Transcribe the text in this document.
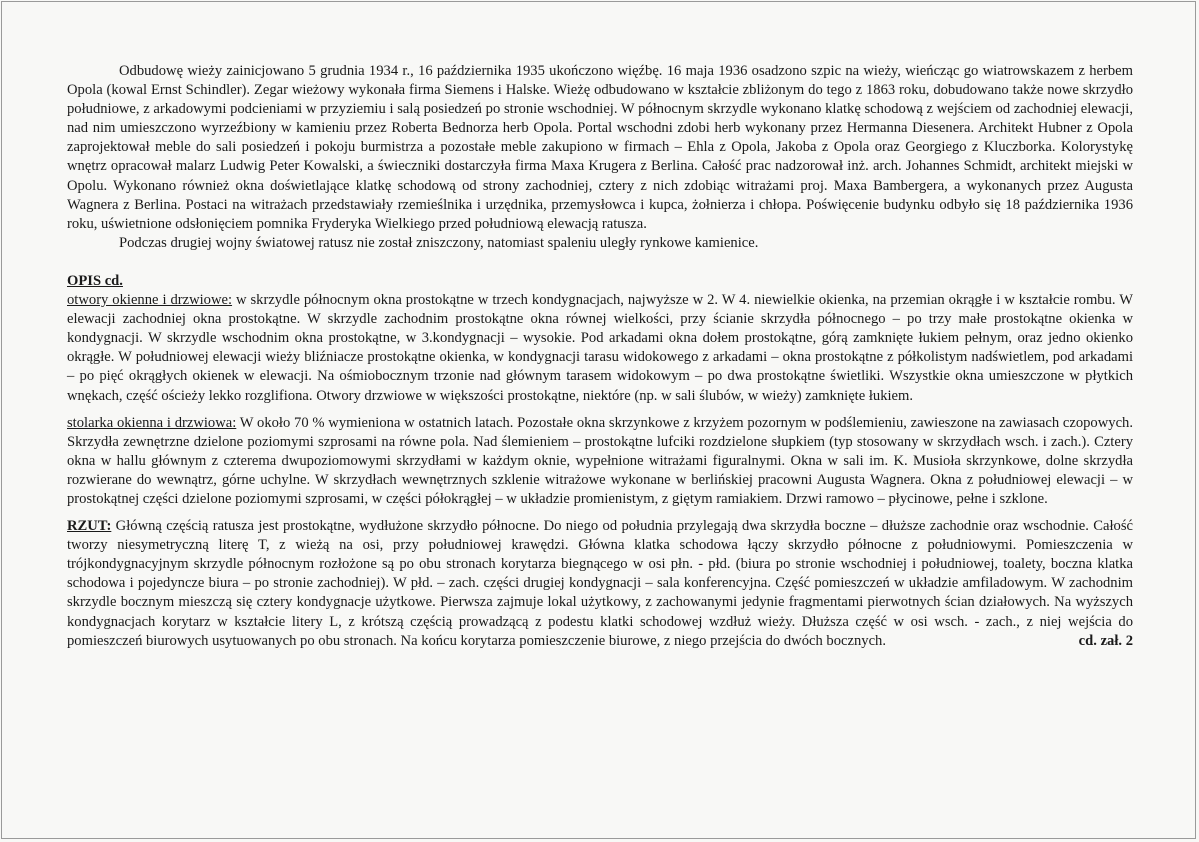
Odbudowę wieży zainicjowano 5 grudnia 1934 r., 16 października 1935 ukończono więźbę. 16 maja 1936 osadzono szpic na wieży, wieńcząc go wiatrowskazem z herbem Opola (kowal Ernst Schindler). Zegar wieżowy wykonała firma Siemens i Halske. Wieżę odbudowano w kształcie zbliżonym do tego z 1863 roku, dobudowano także nowe skrzydło południowe, z arkadowymi podcieniami w przyziemiu i salą posiedzeń po stronie wschodniej. W północnym skrzydle wykonano klatkę schodową z wejściem od zachodniej elewacji, nad nim umieszczono wyrzeźbiony w kamieniu przez Roberta Bednorza herb Opola. Portal wschodni zdobi herb wykonany przez Hermanna Diesenera. Architekt Hubner z Opola zaprojektował meble do sali posiedzeń i pokoju burmistrza a pozostałe meble zakupiono w firmach – Ehla z Opola, Jakoba z Opola oraz Georgiego z Kluczborka. Kolorystykę wnętrz opracował malarz Ludwig Peter Kowalski, a świeczniki dostarczyła firma Maxa Krugera z Berlina. Całość prac nadzorował inż. arch. Johannes Schmidt, architekt miejski w Opolu. Wykonano również okna doświetlające klatkę schodową od strony zachodniej, cztery z nich zdobiąc witrażami proj. Maxa Bambergera, a wykonanych przez Augusta Wagnera z Berlina. Postaci na witrażach przedstawiały rzemieślnika i urzędnika, przemysłowca i kupca, żołnierza i chłopa. Poświęcenie budynku odbyło się 18 października 1936 roku, uświetnione odsłonięciem pomnika Fryderyka Wielkiego przed południową elewacją ratusza.

Podczas drugiej wojny światowej ratusz nie został zniszczony, natomiast spaleniu uległy rynkowe kamienice.

OPIS cd.

otwory okienne i drzwiowe: w skrzydle północnym okna prostokątne w trzech kondygnacjach, najwyższe w 2. W 4. niewielkie okienka, na przemian okrągłe i w kształcie rombu. W elewacji zachodniej okna prostokątne. W skrzydle zachodnim prostokątne okna równej wielkości, przy ścianie skrzydła północnego – po trzy małe prostokątne okienka w kondygnacji. W skrzydle wschodnim okna prostokątne, w 3.kondygnacji – wysokie. Pod arkadami okna dołem prostokątne, górą zamknięte łukiem pełnym, oraz jedno okienko okrągłe. W południowej elewacji wieży bliźniacze prostokątne okienka, w kondygnacji tarasu widokowego z arkadami – okna prostokątne z półkolistym nadświetlem, pod arkadami – po pięć okrągłych okienek w elewacji. Na ośmiobocznym trzonie nad głównym tarasem widokowym – po dwa prostokątne świetliki. Wszystkie okna umieszczone w płytkich wnękach, część ościeży lekko rozglifiona. Otwory drzwiowe w większości prostokątne, niektóre (np. w sali ślubów, w wieży) zamknięte łukiem.

stolarka okienna i drzwiowa: W około 70 % wymieniona w ostatnich latach. Pozostałe okna skrzynkowe z krzyżem pozornym w podślemieniu, zawieszone na zawiasach czopowych. Skrzydła zewnętrzne dzielone poziomymi szprosami na równe pola. Nad ślemieniem – prostokątne lufciki rozdzielone słupkiem (typ stosowany w skrzydłach wsch. i zach.). Cztery okna w hallu głównym z czterema dwupoziomowymi skrzydłami w każdym oknie, wypełnione witrażami figuralnymi. Okna w sali im. K. Musioła skrzynkowe, dolne skrzydła rozwierane do wewnątrz, górne uchylne. W skrzydłach wewnętrznych szklenie witrażowe wykonane w berlińskiej pracowni Augusta Wagnera. Okna z południowej elewacji – w prostokątnej części dzielone poziomymi szprosami, w części półokrągłej – w układzie promienistym, z giętym ramiakiem. Drzwi ramowo – płycinowe, pełne i szklone.

RZUT: Główną częścią ratusza jest prostokątne, wydłużone skrzydło północne. Do niego od południa przylegają dwa skrzydła boczne – dłuższe zachodnie oraz wschodnie. Całość tworzy niesymetryczną literę T, z wieżą na osi, przy południowej krawędzi. Główna klatka schodowa łączy skrzydło północne z południowymi. Pomieszczenia w trójkondygnacyjnym skrzydle północnym rozłożone są po obu stronach korytarza biegnącego w osi płn. - płd. (biura po stronie wschodniej i południowej, toalety, boczna klatka schodowa i pojedyncze biura – po stronie zachodniej). W płd. – zach. części drugiej kondygnacji – sala konferencyjna. Część pomieszczeń w układzie amfiladowym. W zachodnim skrzydle bocznym mieszczą się cztery kondygnacje użytkowe. Pierwsza zajmuje lokal użytkowy, z zachowanymi jedynie fragmentami pierwotnych ścian działowych. Na wyższych kondygnacjach korytarz w kształcie litery L, z krótszą częścią prowadzącą z podestu klatki schodowej wzdłuż wieży. Dłuższa część w osi wsch. - zach., z niej wejścia do pomieszczeń biurowych usytuowanych po obu stronach. Na końcu korytarza pomieszczenie biurowe, z niego przejścia do dwóch bocznych.	cd. zał. 2
